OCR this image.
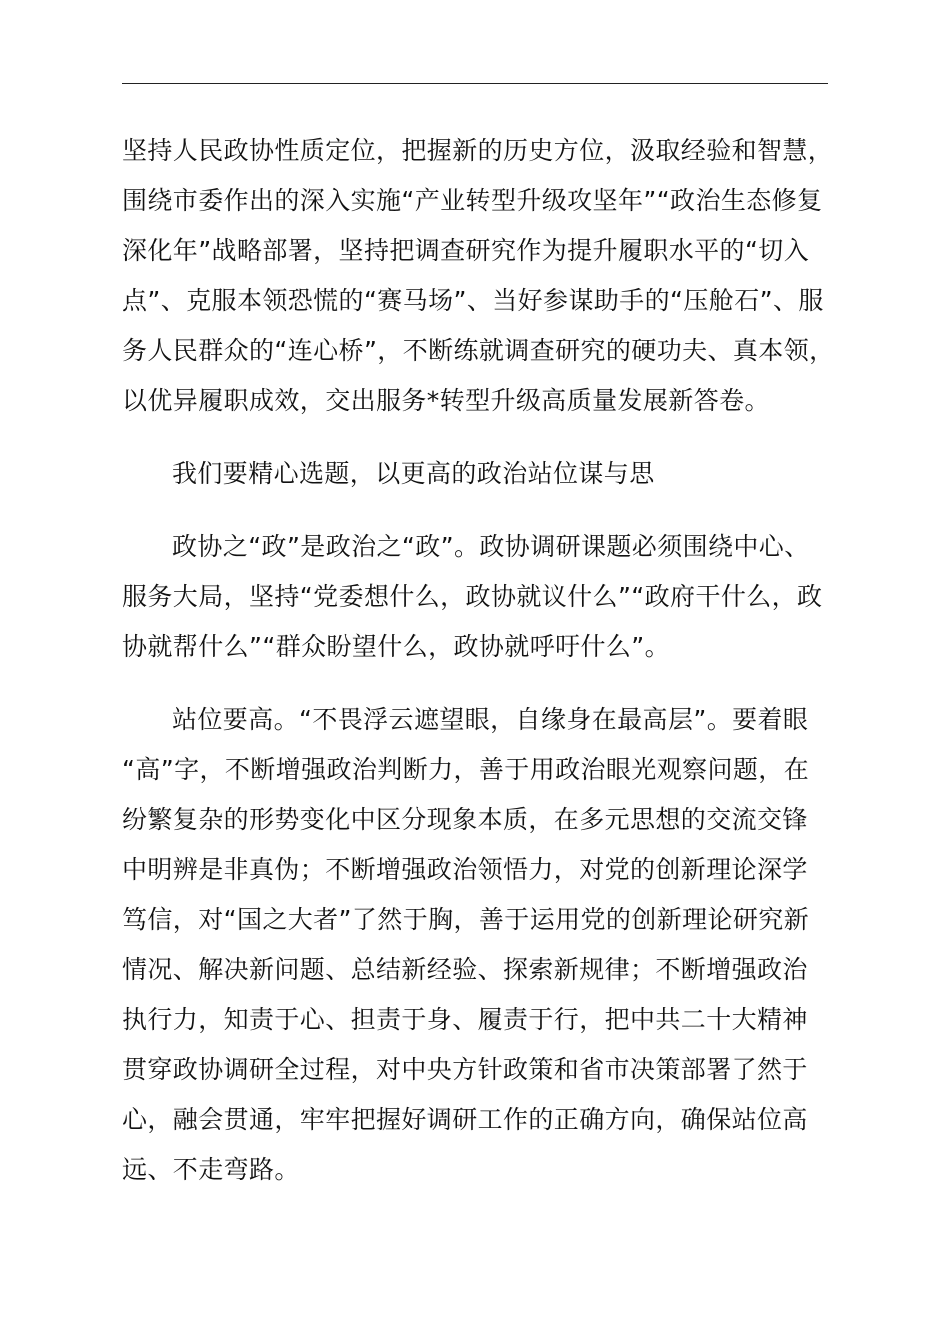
坚持人民政协性质定位，把握新的历史方位，汲取经验和智慧，
围绕市委作出的深入实施“产业转型升级攻坚年”“政治生态修复
深化年”战略部署，坚持把调查研究作为提升履职水平的“切入
点”、克服本领恐慌的“赛马场”、当好参谋助手的“压舱石”、服
务人民群众的“连心桥”，不断练就调查研究的硬功夫、真本领，
以优异履职成效，交出服务*转型升级高质量发展新答卷。

我们要精心选题，以更高的政治站位谋与思

政协之“政”是政治之“政”。政协调研课题必须围绕中心、
服务大局，坚持“党委想什么，政协就议什么”“政府干什么，政
协就帮什么”“群众盼望什么，政协就呼吁什么”。

站位要高。“不畏浮云遮望眼，自缘身在最高层”。要着眼
“高”字，不断增强政治判断力，善于用政治眼光观察问题，在
纷繁复杂的形势变化中区分现象本质，在多元思想的交流交锋
中明辨是非真伪；不断增强政治领悟力，对党的创新理论深学
笃信，对“国之大者”了然于胸，善于运用党的创新理论研究新
情况、解决新问题、总结新经验、探索新规律；不断增强政治
执行力，知责于心、担责于身、履责于行，把中共二十大精神
贯穿政协调研全过程，对中央方针政策和省市决策部署了然于
心，融会贯通，牢牢把握好调研工作的正确方向，确保站位高
远、不走弯路。
